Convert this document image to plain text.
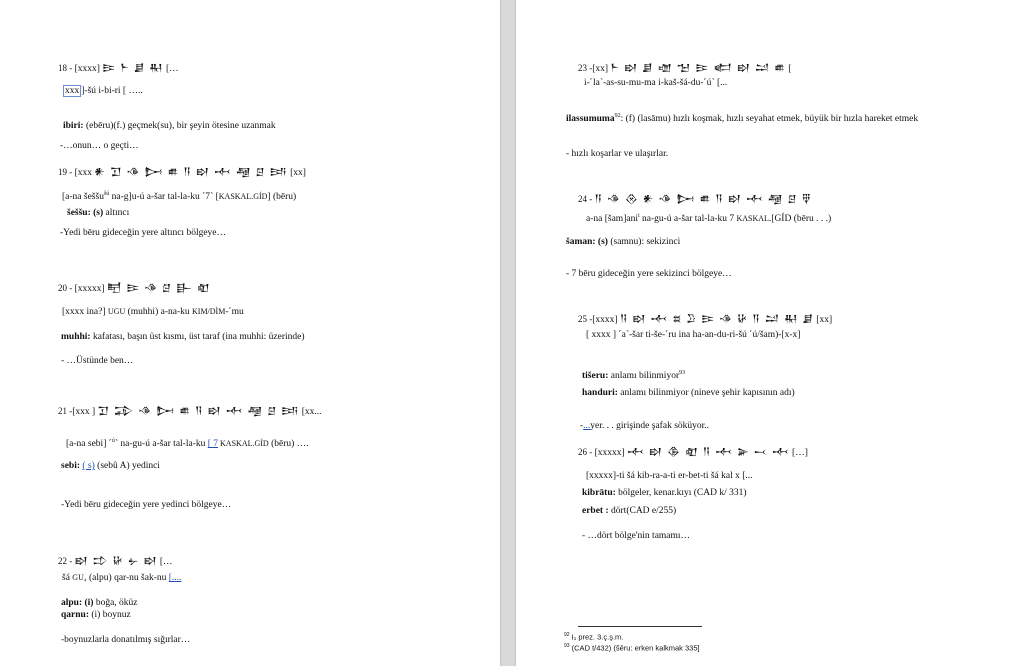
18 - [xxxx] 𒄿 𒈨 𒋗 𒊑 […
xxx ]-šú i-bi-ri [ …..
ibiri: (ebēru)(f.) geçmek(su), bir şeyin ötesine uzanmak
-…onun… o geçti…
19 - [xxx 𒀭 𒋛 𒈾 𒄖 𒌑 𒀀 𒊭 𒋾 𒆷 𒆪 𒅀 [xx]
[a-na šeššu$^{šú}$ na-g]u-ú a-šar tal-la-ku ˹7˺ [KASKAL.GÍD] (bēru)
šeššu: (s) altıncı
-Yedi bēru gideceğin yere altıncı bölgeye…
20 - [xxxxx] 𒋃 𒄿 𒈾 𒆪 𒃲 𒊏
[xxxx ina?] UGU (muhhi) a-na-ku KIM/DÌM-˹mu
muhhi: kafatası, başın üst kısmı, üst taraf (ina muhhi: üzerinde)
- …Üstünde ben…
21 -[xxx ] 𒋛 𒁉 𒈾 𒄖 𒌑 𒀀 𒊭 𒋾 𒆷 𒆪 𒅀 [xx...
[a-na sebi] ˹$^ú$˺ na-gu-ú a-šar tal-la-ku [ 7 KASKAL.GÍD (bēru) ….
sebi: ( s) (sebû A) yedinci
-Yedi bēru gideceğin yere yedinci bölgeye…
22 - 𒊭 𒄞 𒄩 𒉡 𒊭 […
šá GU₄ (alpu) qar-nu šak-nu [....
alpu: (i) boğa, öküz
qarnu: (i) boynuz
-boynuzlarla donatılmış sığırlar…
23 -[xx] 𒈨 𒊭 𒋗 𒌝 𒈠 𒄿 𒅗 𒊭 𒁺 𒌑 [
i-˹la˺-as-su-mu-ma i-kaš-šá-du-˹ú˺ [...
ilassumuma$^{92}$: (f) (lasāmu) hızlı koşmak, hızlı seyahat etmek, büyük bir hızla hareket etmek
- hızlı koşarlar ve ulaşırlar.
24 - 𒀀 𒈾 𒊮 𒀭 𒈾 𒄖 𒌑 𒀀 𒊭 𒋾 𒆷 𒆪 𒑂
a-na [šam]ani$^i$ na-gu-ú a-šar tal-la-ku 7 KASKAL.[GÍD (bēru . . .)
šaman: (s) (samnu): sekizinci
- 7 bēru gideceğin yere sekizinci bölgeye…
25 -[xxxx] 𒀀 𒊭 𒋾 𒊺 𒊒 𒄿 𒈾 𒄩 𒀀 𒁺 𒊑 𒋗 [xx]
[ xxxx ] ˹a˺-šar ti-še-˹ru ina ha-an-du-ri-šú ˹ú/šam)-[x-x]
tišeru: anlamı bilinmiyor$^{93}$
handuri: anlamı bilinmiyor (nineve şehir kapısının adı)
-...yer. . . girişinde şafak söküyor..
26 - [xxxxx] 𒋾 𒊭 𒆠 𒊏 𒀀 𒋾 𒅕 𒁁 𒋾 […]
[xxxxx]-ti šá kib-ra-a-ti er-bet-ti šá kal x [...
kibrātu: bölgeler, kenar.kıyı (CAD k/ 331)
erbet : dört(CAD e/255)
- …dört bölge'nin tamamı…
$^{92}$ I₁ prez. 3.ç.ş.m.
$^{93}$ (CAD t/432) (šēru: erken kalkmak 335]
